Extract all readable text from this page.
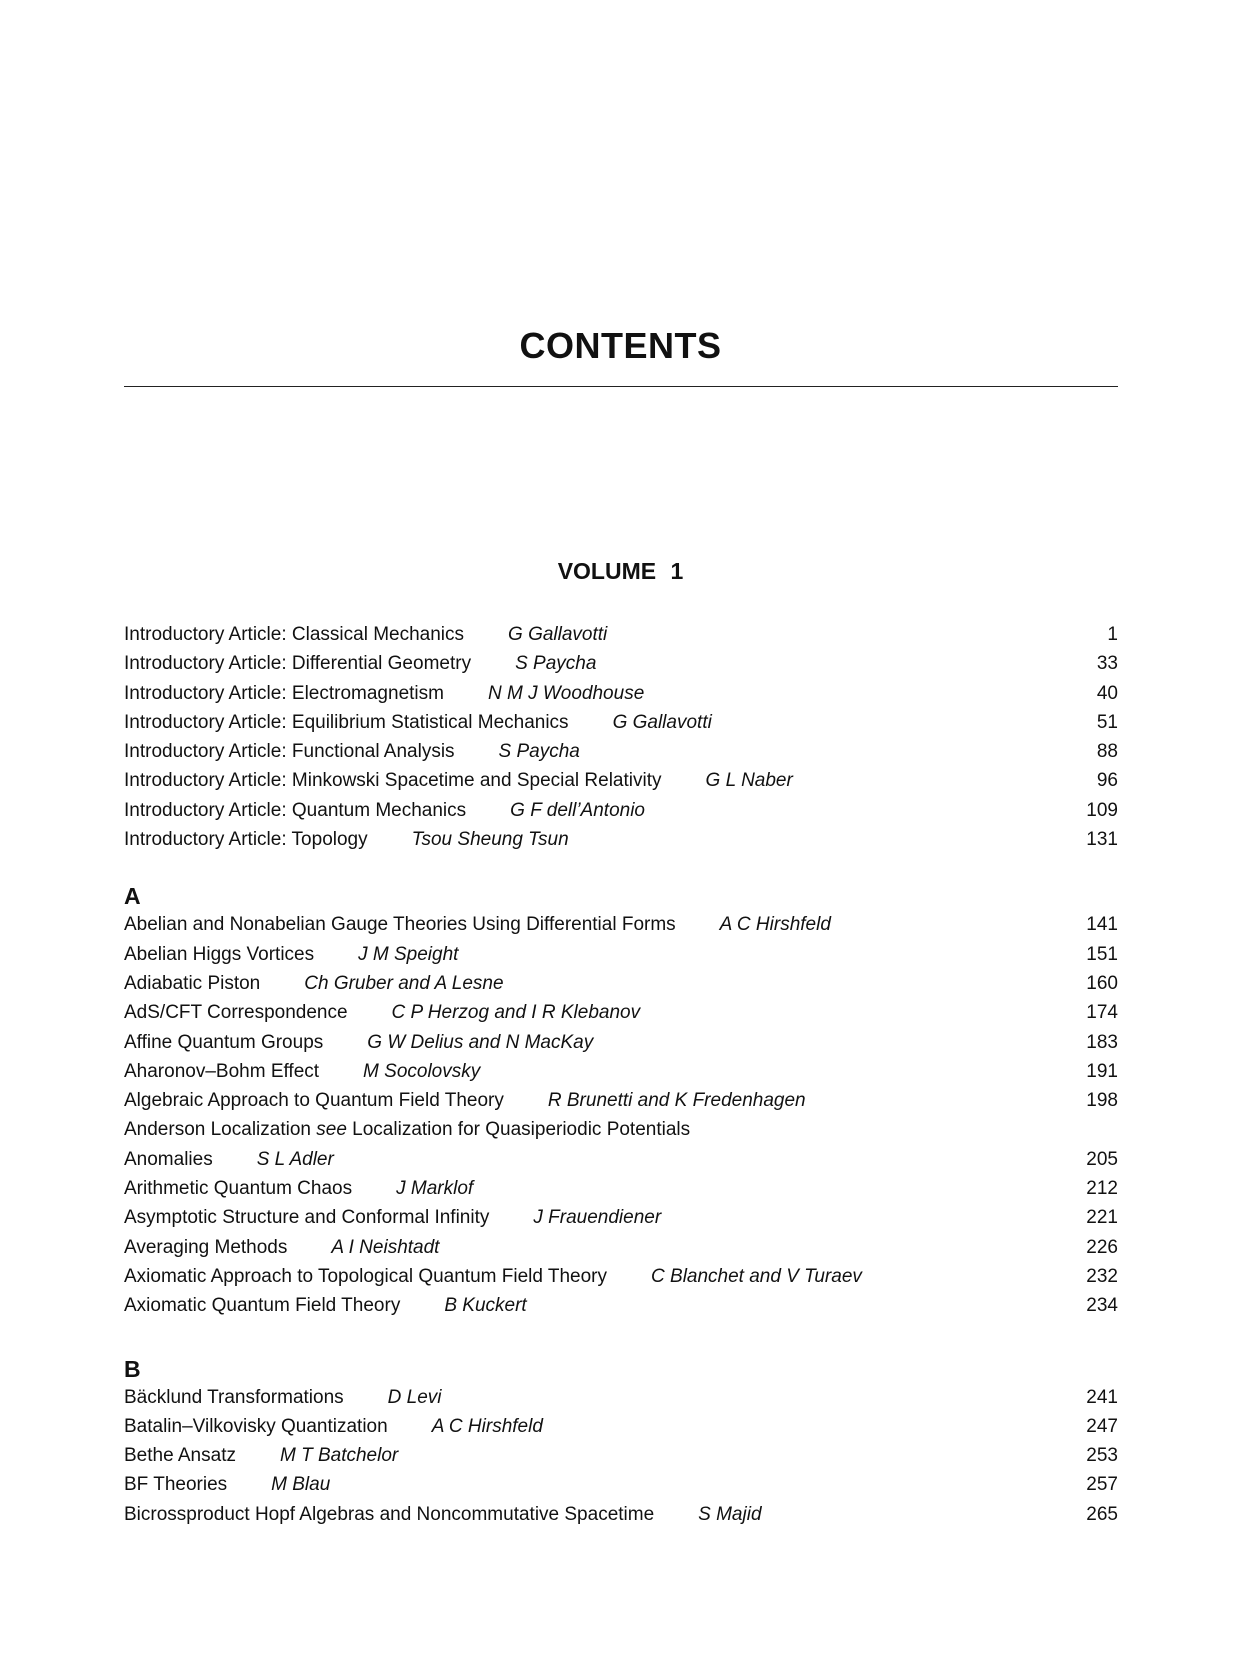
CONTENTS
VOLUME 1
Introductory Article: Classical Mechanics G Gallavotti	1
Introductory Article: Differential Geometry S Paycha	33
Introductory Article: Electromagnetism N M J Woodhouse	40
Introductory Article: Equilibrium Statistical Mechanics G Gallavotti	51
Introductory Article: Functional Analysis S Paycha	88
Introductory Article: Minkowski Spacetime and Special Relativity G L Naber	96
Introductory Article: Quantum Mechanics G F dell’Antonio	109
Introductory Article: Topology Tsou Sheung Tsun	131
A
Abelian and Nonabelian Gauge Theories Using Differential Forms A C Hirshfeld	141
Abelian Higgs Vortices J M Speight	151
Adiabatic Piston Ch Gruber and A Lesne	160
AdS/CFT Correspondence C P Herzog and I R Klebanov	174
Affine Quantum Groups G W Delius and N MacKay	183
Aharonov–Bohm Effect M Socolovsky	191
Algebraic Approach to Quantum Field Theory R Brunetti and K Fredenhagen	198
Anderson Localization see Localization for Quasiperiodic Potentials
Anomalies S L Adler	205
Arithmetic Quantum Chaos J Marklof	212
Asymptotic Structure and Conformal Infinity J Frauendiener	221
Averaging Methods A I Neishtadt	226
Axiomatic Approach to Topological Quantum Field Theory C Blanchet and V Turaev	232
Axiomatic Quantum Field Theory B Kuckert	234
B
Bäcklund Transformations D Levi	241
Batalin–Vilkovisky Quantization A C Hirshfeld	247
Bethe Ansatz M T Batchelor	253
BF Theories M Blau	257
Bicrossproduct Hopf Algebras and Noncommutative Spacetime S Majid	265
